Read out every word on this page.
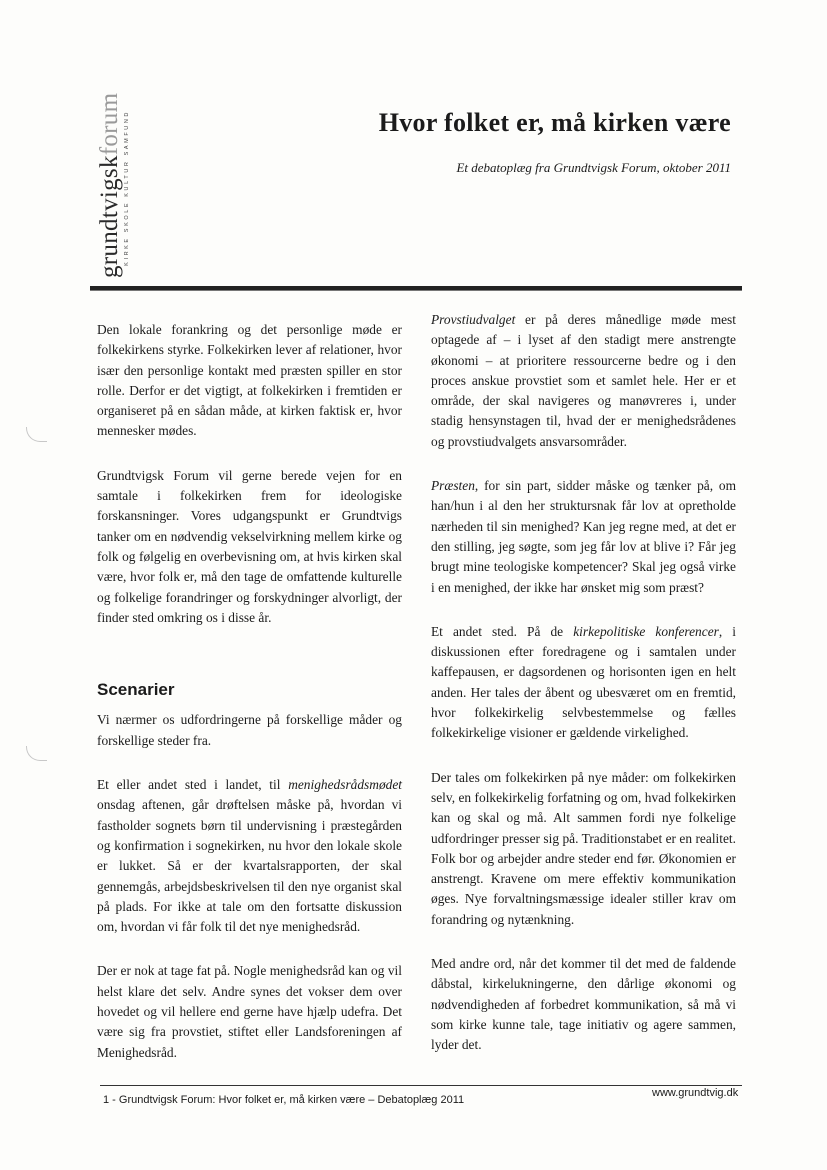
grundtvigskforum KIRKE SKOLE KULTUR SAMFUND	Hvor folket er, må kirken være
Et debatoplæg fra Grundtvigsk Forum, oktober 2011

Den lokale forankring og det personlige møde er folkekirkens styrke. Folkekirken lever af relationer, hvor især den personlige kontakt med præsten spiller en stor rolle. Derfor er det vigtigt, at folkekirken i fremtiden er organiseret på en sådan måde, at kirken faktisk er, hvor mennesker mødes.

Grundtvigsk Forum vil gerne berede vejen for en samtale i folkekirken frem for ideologiske forskansninger. Vores udgangspunkt er Grundtvigs tanker om en nødvendig vekselvirkning mellem kirke og folk og følgelig en overbevisning om, at hvis kirken skal være, hvor folk er, må den tage de omfattende kulturelle og folkelige forandringer og forskydninger alvorligt, der finder sted omkring os i disse år.

Scenarier

Vi nærmer os udfordringerne på forskellige måder og forskellige steder fra.

Et eller andet sted i landet, til menighedsrådsmødet onsdag aftenen, går drøftelsen måske på, hvordan vi fastholder sognets børn til undervisning i præstegården og konfirmation i sognekirken, nu hvor den lokale skole er lukket. Så er der kvartalsrapporten, der skal gennemgås, arbejdsbeskrivelsen til den nye organist skal på plads. For ikke at tale om den fortsatte diskussion om, hvordan vi får folk til det nye menighedsråd.

Der er nok at tage fat på. Nogle menighedsråd kan og vil helst klare det selv. Andre synes det vokser dem over hovedet og vil hellere end gerne have hjælp udefra. Det være sig fra provstiet, stiftet eller Landsforeningen af Menighedsråd.

Provstiudvalget er på deres månedlige møde mest optagede af – i lyset af den stadigt mere anstrengte økonomi – at prioritere ressourcerne bedre og i den proces anskue provstiet som et samlet hele. Her er et område, der skal navigeres og manøvreres i, under stadig hensynstagen til, hvad der er menighedsrådenes og provstiudvalgets ansvarsområder.

Præsten, for sin part, sidder måske og tænker på, om han/hun i al den her struktursnak får lov at opretholde nærheden til sin menighed? Kan jeg regne med, at det er den stilling, jeg søgte, som jeg får lov at blive i? Får jeg brugt mine teologiske kompetencer? Skal jeg også virke i en menighed, der ikke har ønsket mig som præst?

Et andet sted. På de kirkepolitiske konferencer, i diskussionen efter foredragene og i samtalen under kaffepausen, er dagsordenen og horisonten igen en helt anden. Her tales der åbent og ubesværet om en fremtid, hvor folkekirkelig selvbestemmelse og fælles folkekirkelige visioner er gældende virkelighed.

Der tales om folkekirken på nye måder: om folkekirken selv, en folkekirkelig forfatning og om, hvad folkekirken kan og skal og må. Alt sammen fordi nye folkelige udfordringer presser sig på. Traditionstabet er en realitet. Folk bor og arbejder andre steder end før. Økonomien er anstrengt. Kravene om mere effektiv kommunikation øges. Nye forvaltningsmæssige idealer stiller krav om forandring og nytænkning.

Med andre ord, når det kommer til det med de faldende dåbstal, kirkelukningerne, den dårlige økonomi og nødvendigheden af forbedret kommunikation, så må vi som kirke kunne tale, tage initiativ og agere sammen, lyder det.

1 - Grundtvigsk Forum: Hvor folket er, må kirken være – Debatoplæg 2011
www.grundtvig.dk
